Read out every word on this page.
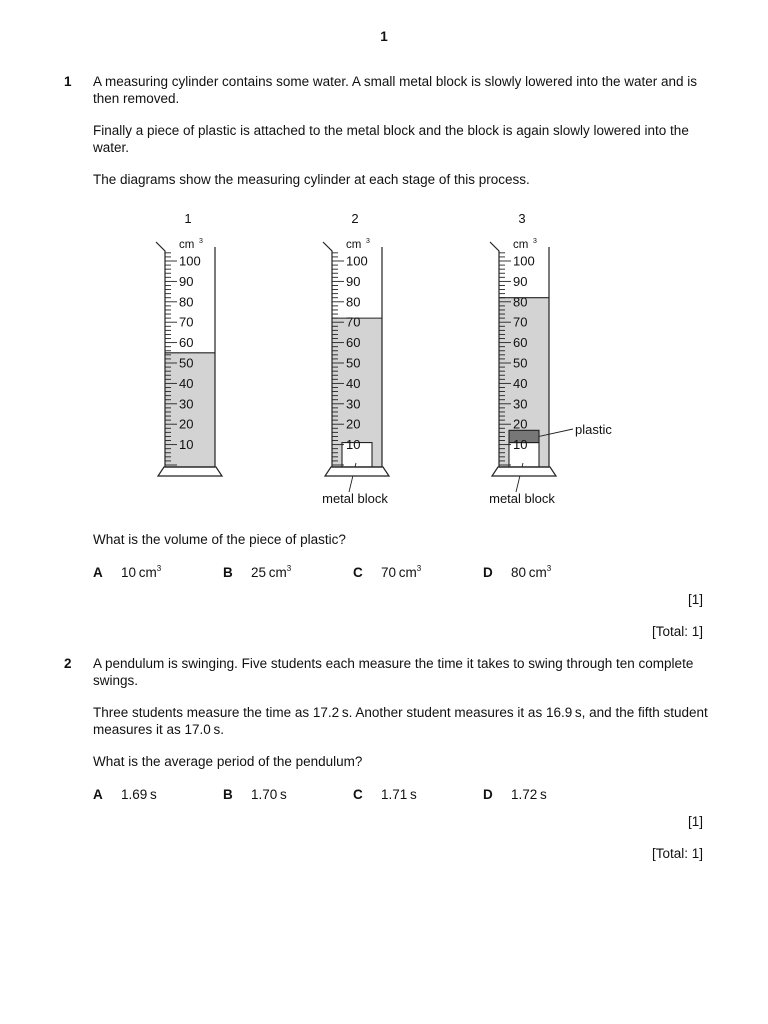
1
1 A measuring cylinder contains some water. A small metal block is slowly lowered into the water and is then removed.
Finally a piece of plastic is attached to the metal block and the block is again slowly lowered into the water.
The diagrams show the measuring cylinder at each stage of this process.
1
cm 3
100
90
80
70
60
50
40
30
20
10
2
cm 3
metal block
100
90
80
70
60
50
40
30
20
10
3
cm 3
plastic
metal block
100
90
80
70
60
50
40
30
20
10
What is the volume of the piece of plastic?
A 10 $cm^3$	B 25 $cm^3$	C 70 $cm^3$	D 80 $cm^3$
[1]
[Total: 1]
2 A pendulum is swinging. Five students each measure the time it takes to swing through ten complete swings.
Three students measure the time as 17.2 s. Another student measures it as 16.9 s, and the fifth student measures it as 17.0 s.
What is the average period of the pendulum?
A 1.69 s	B 1.70 s	C 1.71 s	D 1.72 s
[1]
[Total: 1]
